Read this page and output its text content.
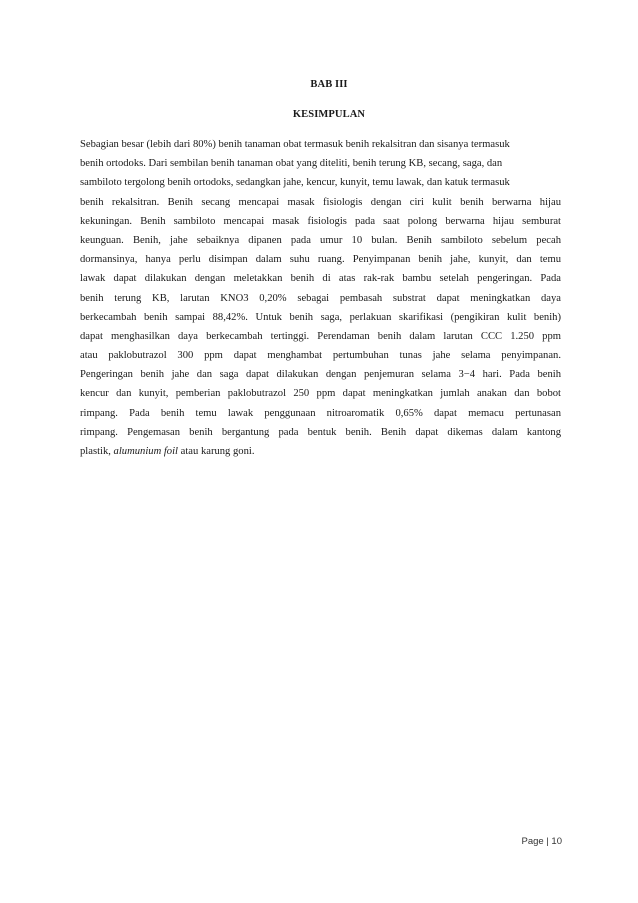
BAB III
KESIMPULAN
Sebagian besar (lebih dari 80%) benih tanaman obat termasuk benih rekalsitran dan sisanya termasuk
benih ortodoks. Dari sembilan benih tanaman obat yang diteliti, benih terung KB, secang, saga, dan
sambiloto tergolong benih ortodoks, sedangkan jahe, kencur, kunyit, temu lawak, dan katuk termasuk
benih rekalsitran. Benih secang mencapai masak fisiologis dengan ciri kulit benih berwarna hijau
kekuningan. Benih sambiloto mencapai masak fisiologis pada saat polong berwarna hijau semburat
keunguan. Benih, jahe sebaiknya dipanen pada umur 10 bulan. Benih sambiloto sebelum pecah
dormansinya, hanya perlu disimpan dalam suhu ruang. Penyimpanan benih jahe, kunyit, dan temu
lawak dapat dilakukan dengan meletakkan benih di atas rak-rak bambu setelah pengeringan. Pada
benih terung KB, larutan KNO3 0,20% sebagai pembasah substrat dapat meningkatkan daya
berkecambah benih sampai 88,42%. Untuk benih saga, perlakuan skarifikasi (pengikiran kulit benih)
dapat menghasilkan daya berkecambah tertinggi. Perendaman benih dalam larutan CCC 1.250 ppm
atau paklobutrazol 300 ppm dapat menghambat pertumbuhan tunas jahe selama penyimpanan.
Pengeringan benih jahe dan saga dapat dilakukan dengan penjemuran selama 3−4 hari. Pada benih
kencur dan kunyit, pemberian paklobutrazol 250 ppm dapat meningkatkan jumlah anakan dan bobot
rimpang. Pada benih temu lawak penggunaan nitroaromatik 0,65% dapat memacu pertunasan
rimpang. Pengemasan benih bergantung pada bentuk benih. Benih dapat dikemas dalam kantong
plastik, alumunium foil atau karung goni.
Page | 10
